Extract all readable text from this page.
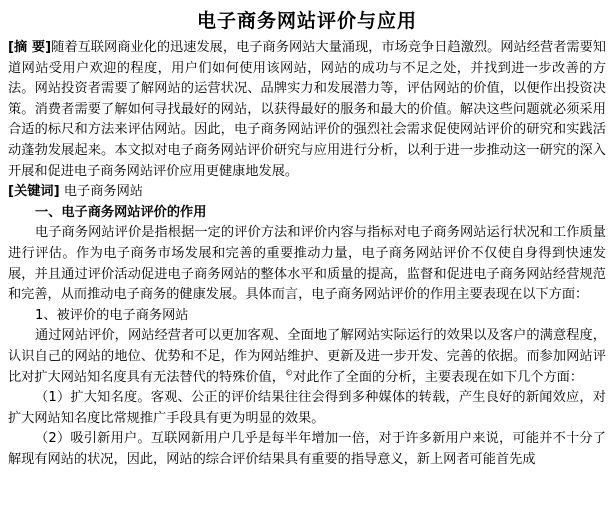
电子商务网站评价与应用

[摘 要]随着互联网商业化的迅速发展，电子商务网站大量涌现，市场竞争日趋激烈。网站经营者需要知道网站受用户欢迎的程度，用户们如何使用该网站，网站的成功与不足之处，并找到进一步改善的方法。网站投资者需要了解网站的运营状况、品牌实力和发展潜力等，评估网站的价值，以便作出投资决策。消费者需要了解如何寻找最好的网站，以获得最好的服务和最大的价值。解决这些问题就必须采用合适的标尺和方法来评估网站。因此，电子商务网站评价的强烈社会需求促使网站评价的研究和实践活动蓬勃发展起来。本文拟对电子商务网站评价研究与应用进行分析，以利于进一步推动这一研究的深入开展和促进电子商务网站评价应用更健康地发展。

[关键词] 电子商务网站

一、电子商务网站评价的作用

电子商务网站评价是指根据一定的评价方法和评价内容与指标对电子商务网站运行状况和工作质量进行评估。作为电子商务市场发展和完善的重要推动力量，电子商务网站评价不仅使自身得到快速发展，并且通过评价活动促进电子商务网站的整体水平和质量的提高，监督和促进电子商务网站经营规范和完善，从而推动电子商务的健康发展。具体而言，电子商务网站评价的作用主要表现在以下方面：

1、被评价的电子商务网站

通过网站评价，网站经营者可以更加客观、全面地了解网站实际运行的效果以及客户的满意程度，认识自己的网站的地位、优势和不足，作为网站维护、更新及进一步开发、完善的依据。而参加网站评比对扩大网站知名度具有无法替代的特殊价值，©对此作了全面的分析，主要表现在如下几个方面：

（1）扩大知名度。客观、公正的评价结果往往会得到多种媒体的转载，产生良好的新闻效应，对扩大网站知名度比常规推广手段具有更为明显的效果。

（2）吸引新用户。互联网新用户几乎是每半年增加一倍，对于许多新用户来说，可能并不十分了解现有网站的状况，因此，网站的综合评价结果具有重要的指导意义，新上网者可能首先成
